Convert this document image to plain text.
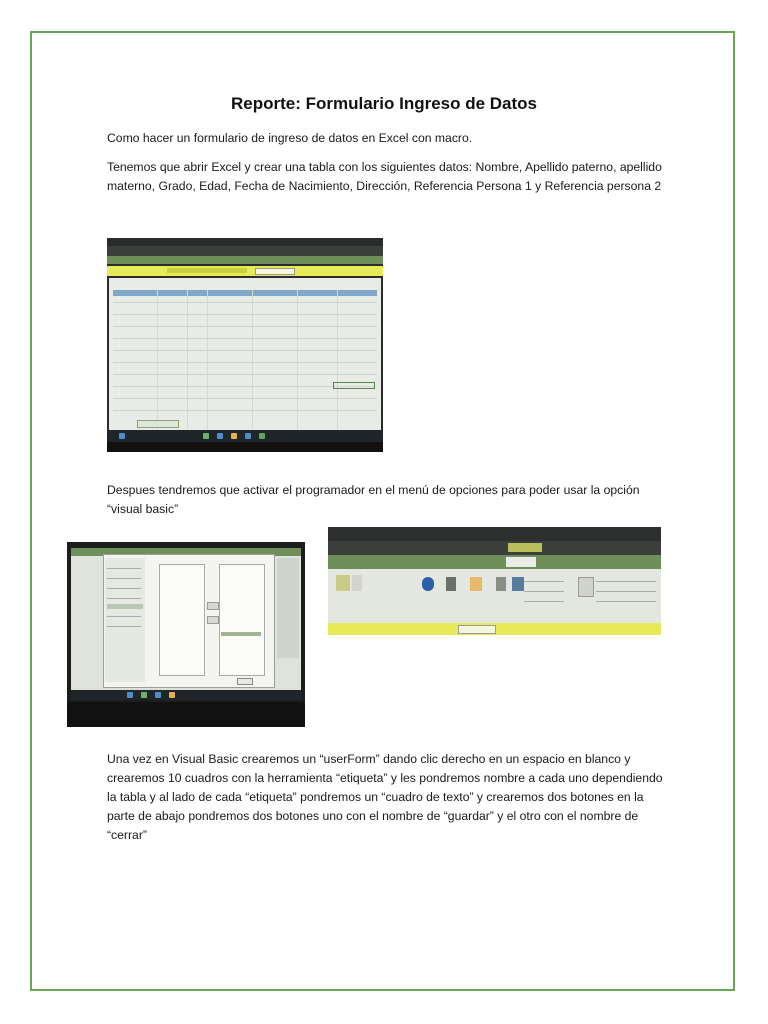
Reporte: Formulario Ingreso de Datos

Como hacer un formulario de ingreso de datos en Excel con macro.

Tenemos que abrir Excel y crear una tabla con los siguientes datos: Nombre, Apellido paterno, apellido materno, Grado, Edad, Fecha de Nacimiento, Dirección, Referencia Persona 1 y Referencia persona 2

Despues tendremos que activar el programador en el menú de opciones para poder usar la opción “visual basic”

Una vez en Visual Basic crearemos un “userForm” dando clic derecho en un espacio en blanco y crearemos 10 cuadros con la herramienta “etiqueta” y les pondremos nombre a cada uno dependiendo la tabla y al lado de cada “etiqueta” pondremos un “cuadro de texto” y crearemos dos botones en la parte de abajo pondremos dos botones uno con el nombre de “guardar” y el otro con el nombre de “cerrar”
